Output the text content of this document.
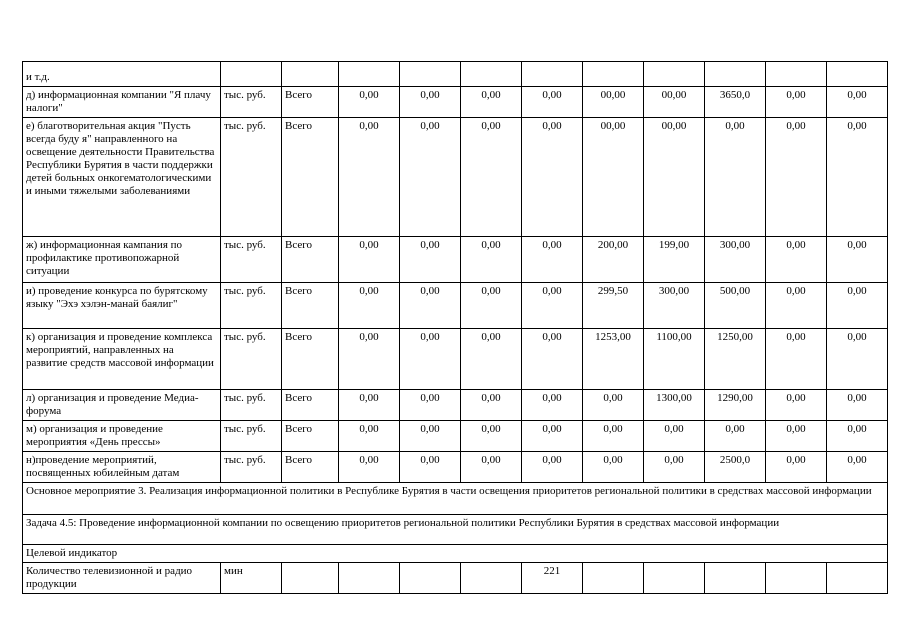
и т.д.											
д) информационная компании "Я плачу налоги"	тыс. руб.	Всего	0,00	0,00	0,00	0,00	00,00	00,00	3650,0	0,00	0,00
е) благотворительная акция "Пусть всегда буду я" направленного на освещение деятельности Правительства Республики Бурятия в части поддержки детей больных онкогематологическими и иными тяжелыми заболеваниями	тыс. руб.	Всего	0,00	0,00	0,00	0,00	00,00	00,00	0,00	0,00	0,00
ж) информационная кампания по профилактике противопожарной ситуации	тыс. руб.	Всего	0,00	0,00	0,00	0,00	200,00	199,00	300,00	0,00	0,00
и) проведение конкурса по бурятскому языку "Эхэ хэлэн-манай баялиг"	тыс. руб.	Всего	0,00	0,00	0,00	0,00	299,50	300,00	500,00	0,00	0,00
к) организация и проведение комплекса мероприятий, направленных на развитие средств массовой информации	тыс. руб.	Всего	0,00	0,00	0,00	0,00	1253,00	1100,00	1250,00	0,00	0,00
л) организация и проведение Медиа-форума	тыс. руб.	Всего	0,00	0,00	0,00	0,00	0,00	1300,00	1290,00	0,00	0,00
м) организация и проведение мероприятия «День прессы»	тыс. руб.	Всего	0,00	0,00	0,00	0,00	0,00	0,00	0,00	0,00	0,00
н)проведение мероприятий, посвященных юбилейным датам	тыс. руб.	Всего	0,00	0,00	0,00	0,00	0,00	0,00	2500,0	0,00	0,00
Основное мероприятие 3. Реализация информационной политики в Республике Бурятия в части освещения приоритетов региональной политики в средствах массовой информации											
Задача 4.5: Проведение информационной компании по освещению приоритетов региональной политики Республики Бурятия в средствах массовой информации											
Целевой индикатор											
Количество телевизионной и радио продукции	мин					221					
